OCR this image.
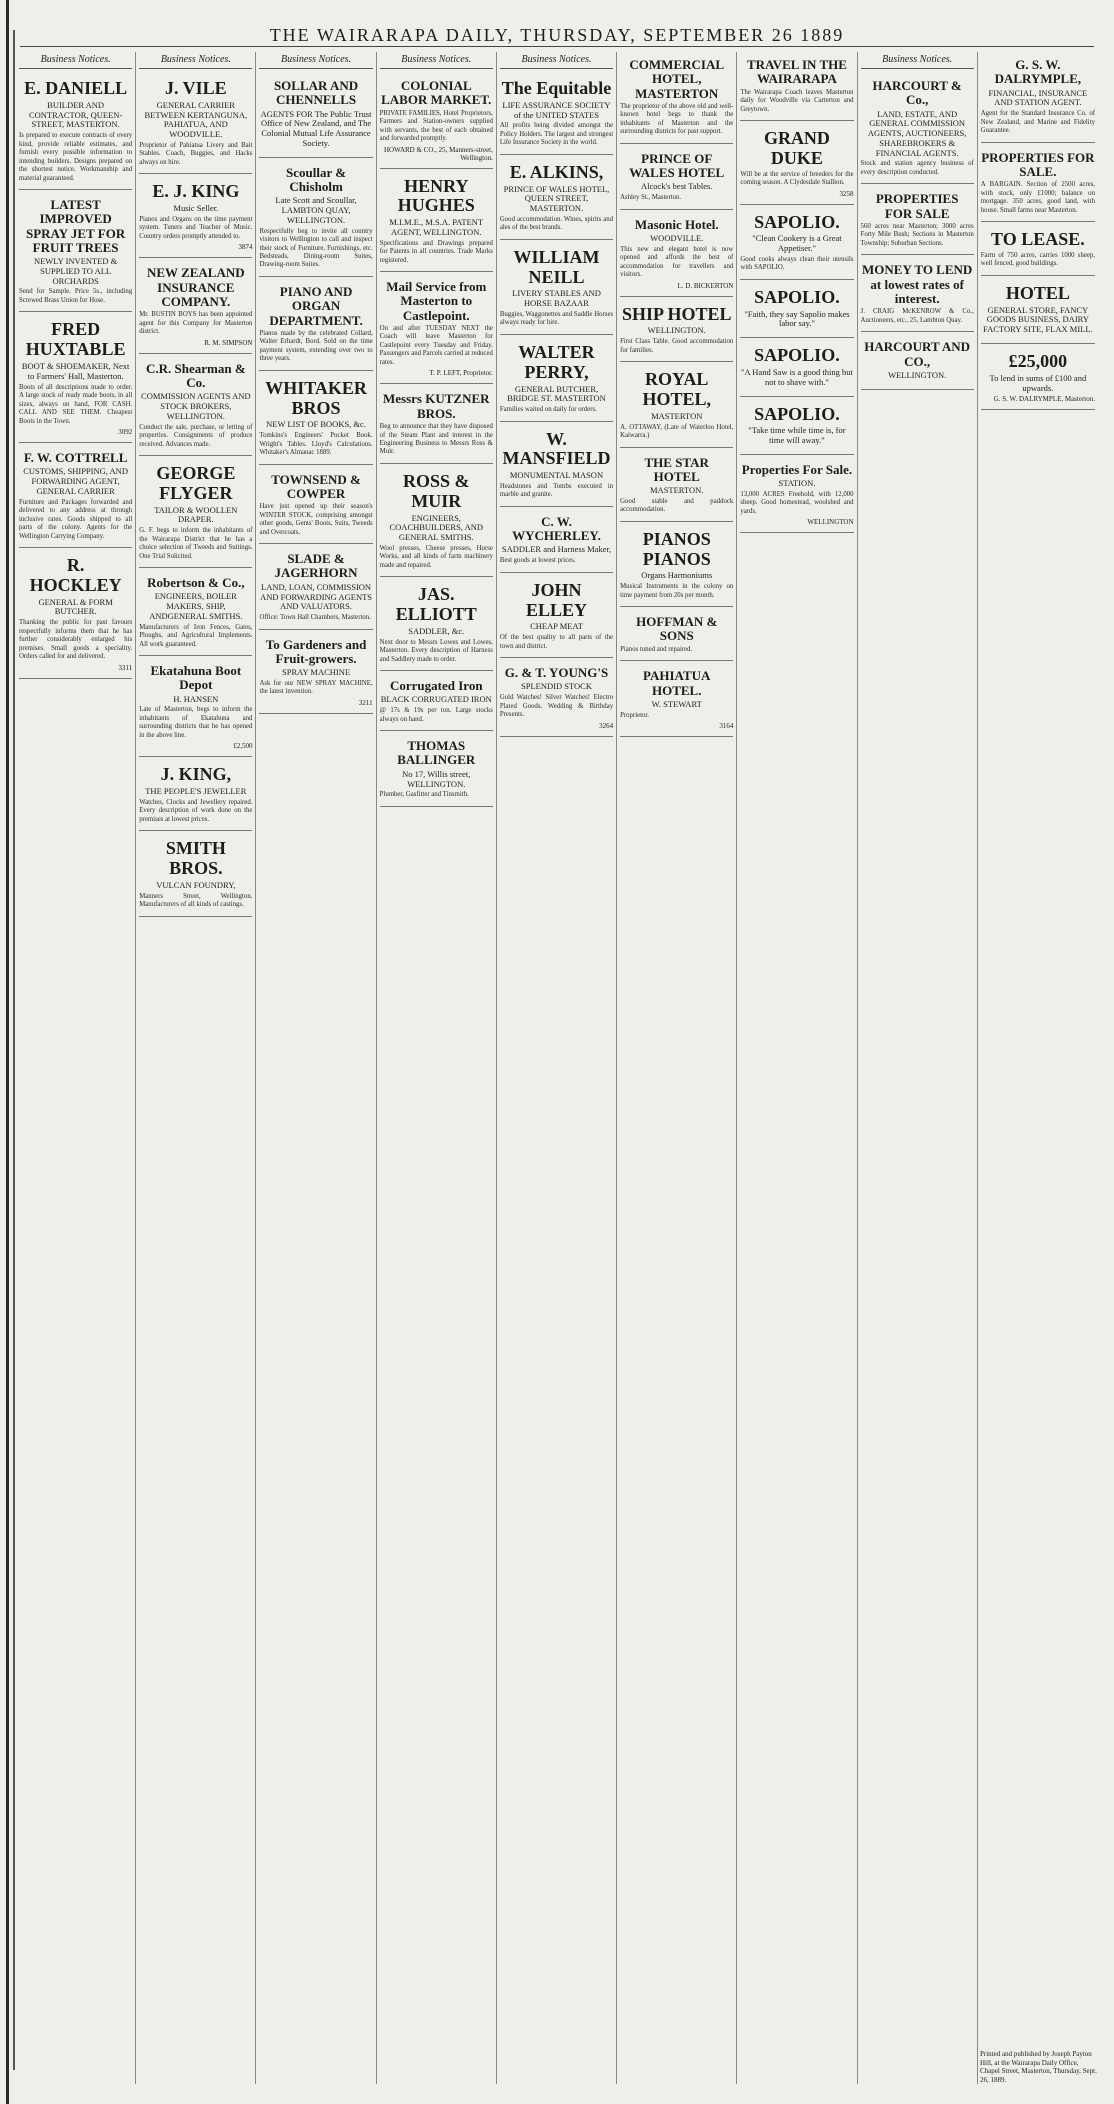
THE WAIRARAPA DAILY, THURSDAY, SEPTEMBER 26 1889
Business Notices.
E. DANIELL
BUILDER AND CONTRACTOR, QUEEN-STREET, MASTERTON.
Is prepared to execute contracts of every kind, provide reliable estimates, and furnish every possible information to intending builders. Designs prepared on the shortest notice. Workmanship and material guaranteed.
LATEST IMPROVED SPRAY JET FOR FRUIT TREES
NEWLY INVENTED & SUPPLIED TO ALL ORCHARDS
Send for Sample. Price 5s., including Screwed Brass Union for Hose.
FRED HUXTABLE
BOOT & SHOEMAKER, Next to Farmers' Hall, Masterton.
Boots of all descriptions made to order. A large stock of ready made boots, in all sizes, always on hand, FOR CASH. CALL AND SEE THEM. Cheapest Boots in the Town.
3092
F. W. COTTRELL
CUSTOMS, SHIPPING, AND FORWARDING AGENT, GENERAL CARRIER
Furniture and Packages forwarded and delivered to any address at through inclusive rates. Goods shipped to all parts of the colony. Agents for the Wellington Carrying Company.
R. HOCKLEY
GENERAL & FORM BUTCHER.
Thanking the public for past favours respectfully informs them that he has further considerably enlarged his premises. Small goods a speciality. Orders called for and delivered.
3311
Business Notices.
J. VILE
GENERAL CARRIER BETWEEN KERTANGUNA, PAHIATUA, AND WOODVILLE.
Proprietor of Pahiatua Livery and Bait Stables. Coach, Buggies, and Hacks always on hire.
E. J. KING
Music Seller.
Pianos and Organs on the time payment system. Tuners and Teacher of Music. Country orders promptly attended to.
3874
NEW ZEALAND INSURANCE COMPANY.
Mr. BUSTIN BOYS has been appointed agent for this Company for Masterton district.
R. M. SIMPSON
C.R. Shearman & Co.
COMMISSION AGENTS AND STOCK BROKERS, WELLINGTON.
Conduct the sale, purchase, or letting of properties. Consignments of produce received. Advances made.
GEORGE FLYGER
TAILOR & WOOLLEN DRAPER.
G. F. begs to inform the inhabitants of the Wairarapa District that he has a choice selection of Tweeds and Suitings. One Trial Solicited.
Robertson & Co.,
ENGINEERS, BOILER MAKERS, SHIP, ANDGENERAL SMITHS.
Manufacturers of Iron Fences, Gates, Ploughs, and Agricultural Implements. All work guaranteed.
Ekatahuna Boot Depot
H. HANSEN
Late of Masterton, begs to inform the inhabitants of Ekatahuna and surrounding districts that he has opened in the above line.
£2,500
J. KING,
THE PEOPLE'S JEWELLER
Watches, Clocks and Jewellery repaired. Every description of work done on the premises at lowest prices.
SMITH BROS.
VULCAN FOUNDRY,
Manners Street, Wellington. Manufacturers of all kinds of castings.
Business Notices.
SOLLAR AND CHENNELLS
AGENTS FOR The Public Trust Office of New Zealand, and The Colonial Mutual Life Assurance Society.
Scoullar & Chisholm
Late Scott and Scoullar, LAMBTON QUAY, WELLINGTON.
Respectfully beg to invite all country visitors to Wellington to call and inspect their stock of Furniture, Furnishings, etc. Bedsteads, Dining-room Suites, Drawing-room Suites.
PIANO AND ORGAN DEPARTMENT.
Pianos made by the celebrated Collard, Walter Erhardt, Bord. Sold on the time payment system, extending over two to three years.
WHITAKER BROS
NEW LIST OF BOOKS, &c.
Tomkins's Engineers' Pocket Book. Wright's Tables. Lloyd's Calculations. Whitaker's Almanac 1889.
TOWNSEND & COWPER
Have just opened up their season's WINTER STOCK, comprising amongst other goods, Gents' Boots, Suits, Tweeds and Overcoats.
SLADE & JAGERHORN
LAND, LOAN, COMMISSION AND FORWARDING AGENTS AND VALUATORS.
Office: Town Hall Chambers, Masterton.
To Gardeners and Fruit-growers.
SPRAY MACHINE
Ask for our NEW SPRAY MACHINE, the latest invention.
3211
Business Notices.
COLONIAL LABOR MARKET.
PRIVATE FAMILIES, Hotel Proprietors, Farmers and Station-owners supplied with servants, the best of each obtained and forwarded promptly.
HOWARD & CO., 25, Manners-street, Wellington.
HENRY HUGHES
M.I.M.E., M.S.A. PATENT AGENT, WELLINGTON.
Specifications and Drawings prepared for Patents in all countries. Trade Marks registered.
Mail Service from Masterton to Castlepoint.
On and after TUESDAY NEXT the Coach will leave Masterton for Castlepoint every Tuesday and Friday. Passengers and Parcels carried at reduced rates.
T. P. LEFT, Proprietor.
Messrs KUTZNER BROS.
Beg to announce that they have disposed of the Steam Plant and interest in the Engineering Business to Messrs Ross & Muir.
ROSS & MUIR
ENGINEERS, COACHBUILDERS, AND GENERAL SMITHS.
Wool presses, Cheese presses, Horse Works, and all kinds of farm machinery made and repaired.
JAS. ELLIOTT
SADDLER, &c.
Next door to Messrs Lowes and Lowes, Masterton. Every description of Harness and Saddlery made to order.
Corrugated Iron
BLACK CORRUGATED IRON
@ 17s & 19s per ton. Large stocks always on hand.
THOMAS BALLINGER
No 17, Willis street, WELLINGTON.
Plumber, Gasfitter and Tinsmith.
Business Notices.
The Equitable
LIFE ASSURANCE SOCIETY of the UNITED STATES
All profits being divided amongst the Policy Holders. The largest and strongest Life Insurance Society in the world.
E. ALKINS,
PRINCE OF WALES HOTEL, QUEEN STREET, MASTERTON.
Good accommodation. Wines, spirits and ales of the best brands.
WILLIAM NEILL
LIVERY STABLES AND HORSE BAZAAR
Buggies, Waggonettes and Saddle Horses always ready for hire.
WALTER PERRY,
GENERAL BUTCHER, BRIDGE ST. MASTERTON
Families waited on daily for orders.
W. MANSFIELD
MONUMENTAL MASON
Headstones and Tombs executed in marble and granite.
C. W. WYCHERLEY.
SADDLER and Harness Maker,
Best goods at lowest prices.
JOHN ELLEY
CHEAP MEAT
Of the best quality to all parts of the town and district.
G. & T. YOUNG'S
SPLENDID STOCK
Gold Watches! Silver Watches! Electro Plated Goods. Wedding & Birthday Presents.
3264
COMMERCIAL HOTEL, MASTERTON
The proprietor of the above old and well-known hotel begs to thank the inhabitants of Masterton and the surrounding districts for past support.
PRINCE OF WALES HOTEL
Alcock's best Tables.
Ashley St., Masterton.
Masonic Hotel.
WOODVILLE.
This new and elegant hotel is now opened and affords the best of accommodation for travellers and visitors.
L. D. BICKERTON
SHIP HOTEL
WELLINGTON.
First Class Table. Good accommodation for families.
ROYAL HOTEL,
MASTERTON
A. OTTAWAY, (Late of Waterloo Hotel, Kaiwarra.)
THE STAR HOTEL
MASTERTON.
Good stable and paddock accommodation.
PIANOS PIANOS
Organs Harmoniums
Musical Instruments in the colony on time payment from 20s per month.
HOFFMAN & SONS
Pianos tuned and repaired.
PAHIATUA HOTEL.
W. STEWART
Proprietor.
3164
TRAVEL IN THE WAIRARAPA
The Wairarapa Coach leaves Masterton daily for Woodville via Carterton and Greytown.
GRAND DUKE
Will be at the service of breeders for the coming season. A Clydesdale Stallion.
3258
SAPOLIO.
"Clean Cookery is a Great Appetiser."
Good cooks always clean their utensils with SAPOLIO.
SAPOLIO.
"Faith, they say Sapolio makes labor say."
SAPOLIO.
"A Hand Saw is a good thing but not to shave with."
SAPOLIO.
"Take time while time is, for time will away."
Properties For Sale.
STATION.
13,000 ACRES Freehold, with 12,000 sheep. Good homestead, woolshed and yards.
WELLINGTON
Business Notices.
HARCOURT & Co.,
LAND, ESTATE, AND GENERAL COMMISSION AGENTS, AUCTIONEERS, SHAREBROKERS & FINANCIAL AGENTS.
Stock and station agency business of every description conducted.
PROPERTIES FOR SALE
560 acres near Masterton; 3000 acres Forty Mile Bush; Sections in Masterton Township; Suburban Sections.
MONEY TO LEND at lowest rates of interest.
J. CRAIG McKENROW & Co., Auctioneers, etc., 25, Lambton Quay.
HARCOURT AND CO.,
WELLINGTON.
G. S. W. DALRYMPLE,
FINANCIAL, INSURANCE AND STATION AGENT.
Agent for the Standard Insurance Co. of New Zealand, and Marine and Fidelity Guarantee.
PROPERTIES FOR SALE.
A BARGAIN. Section of 2500 acres, with stock, only £1000; balance on mortgage. 350 acres, good land, with house. Small farms near Masterton.
TO LEASE.
Farm of 750 acres, carries 1000 sheep, well fenced, good buildings.
HOTEL
GENERAL STORE, FANCY GOODS BUSINESS, DAIRY FACTORY SITE, FLAX MILL.
£25,000
To lend in sums of £100 and upwards.
G. S. W. DALRYMPLE, Masterton.
Printed and published by Joseph Payton Hill, at the Wairarapa Daily Office, Chapel Street, Masterton, Thursday, Sept. 26, 1889.
